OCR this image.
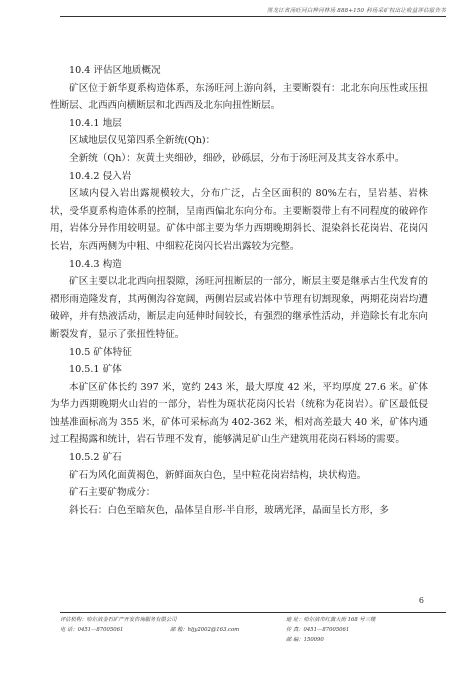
黑龙江省汤旺河白桦河林场 888+150 科场采矿权出让收益评估报告书

10.4 评估区地质概况

矿区位于新华夏系构造体系，东汤旺河上游向斜，主要断裂有：北北东向压性或压扭性断层、北西西向横断层和北西西及北东向扭性断层。

10.4.1 地层

区域地层仅见第四系全新统(Qh)：

全新统（Qh）：灰黄土夹细砂，细砂，砂砾层，分布于汤旺河及其支谷水系中。

10.4.2 侵入岩

区域内侵入岩出露规模较大，分布广泛，占全区面积的 80%左右，呈岩基、岩株状，受华夏系构造体系的控制，呈南西偏北东向分布。主要断裂带上有不同程度的破碎作用，岩体分异作用较明显。矿体中部主要为华力西期晚期斜长、混染斜长花岗岩、花岗闪长岩，东西两侧为中粗、中细粒花岗闪长岩出露较为完整。

10.4.3 构造

矿区主要以北北西向扭裂隙，汤旺河扭断层的一部分，断层主要是继承古生代发育的褶形雨造隆发育，其两侧沟谷宽阔，两侧岩层或岩体中节理有切割现象，两期花岗岩均遭破碎，并有热液活动，断层走向延伸时间较长，有强烈的继承性活动，并造除长有北东向断裂发育，显示了张扭性特征。

10.5 矿体特征

10.5.1 矿体

本矿区矿体长约 397 米，宽约 243 米，最大厚度 42 米，平均厚度 27.6 米。矿体为华力西期晚期火山岩的一部分，岩性为斑状花岗闪长岩（统称为花岗岩）。矿区最低侵蚀基准面标高为 355 米，矿体可采标高为 402-362 米，相对高差最大 40 米，矿体内通过工程揭露和统计，岩石节理不发育，能够满足矿山生产建筑用花岗石料场的需要。

10.5.2 矿石

矿石为风化面黄褐色，新鲜面灰白色，呈中粒花岗岩结构，块状构造。

矿石主要矿物成分：

斜长石：白色至暗灰色，晶体呈自形-半自形，玻璃光泽，晶面呈长方形，多

6
评估机构：哈尔滨金石矿产开发咨询服务有限公司	地 址：哈尔滨市红旗大街 168 号三楼
电 话：0451—87005061	邮 箱：hljy2002@163.com	传 真：0451—87005061
邮 编：150090
